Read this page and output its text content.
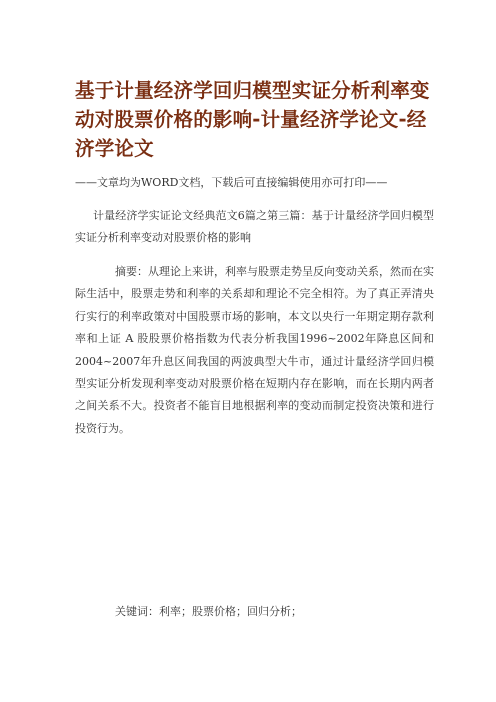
基于计量经济学回归模型实证分析利率变动对股票价格的影响-计量经济学论文-经济学论文

——文章均为WORD文档，下载后可直接编辑使用亦可打印——

计量经济学实证论文经典范文6篇之第三篇：基于计量经济学回归模型实证分析利率变动对股票价格的影响

摘要：从理论上来讲，利率与股票走势呈反向变动关系，然而在实际生活中，股票走势和利率的关系却和理论不完全相符。为了真正弄清央行实行的利率政策对中国股票市场的影响，本文以央行一年期定期存款利率和上证 A 股股票价格指数为代表分析我国1996~2002年降息区间和2004~2007年升息区间我国的两波典型大牛市，通过计量经济学回归模型实证分析发现利率变动对股票价格在短期内存在影响，而在长期内两者之间关系不大。投资者不能盲目地根据利率的变动而制定投资决策和进行投资行为。

关键词：利率；股票价格；回归分析；
